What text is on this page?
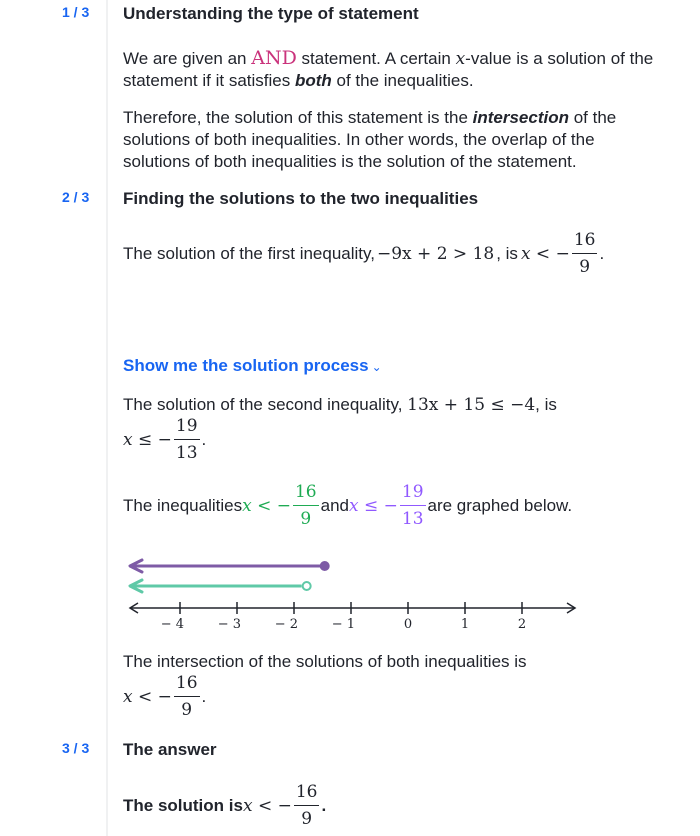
1 / 3 Understanding the type of statement
We are given an AND statement. A certain x-value is a solution of the statement if it satisfies both of the inequalities.
Therefore, the solution of this statement is the intersection of the solutions of both inequalities. In other words, the overlap of the solutions of both inequalities is the solution of the statement.
2 / 3 Finding the solutions to the two inequalities
The solution of the first inequality, −9x + 2 > 18 , is x < − $\frac{16}{9}$ .
Show me the solution process ⌄
The solution of the second inequality, 13x + 15 ≤ −4, is
x ≤ − $\frac{19}{13}$ .
The inequalities x < − $\frac{16}{9}$ and x ≤ − $\frac{19}{13}$ are graphed below.
− 4	− 3	− 2	− 1	0	1	2
The intersection of the solutions of both inequalities is
x < − $\frac{16}{9}$ .
3 / 3 The answer
The solution is x < − $\frac{16}{9}$ .
